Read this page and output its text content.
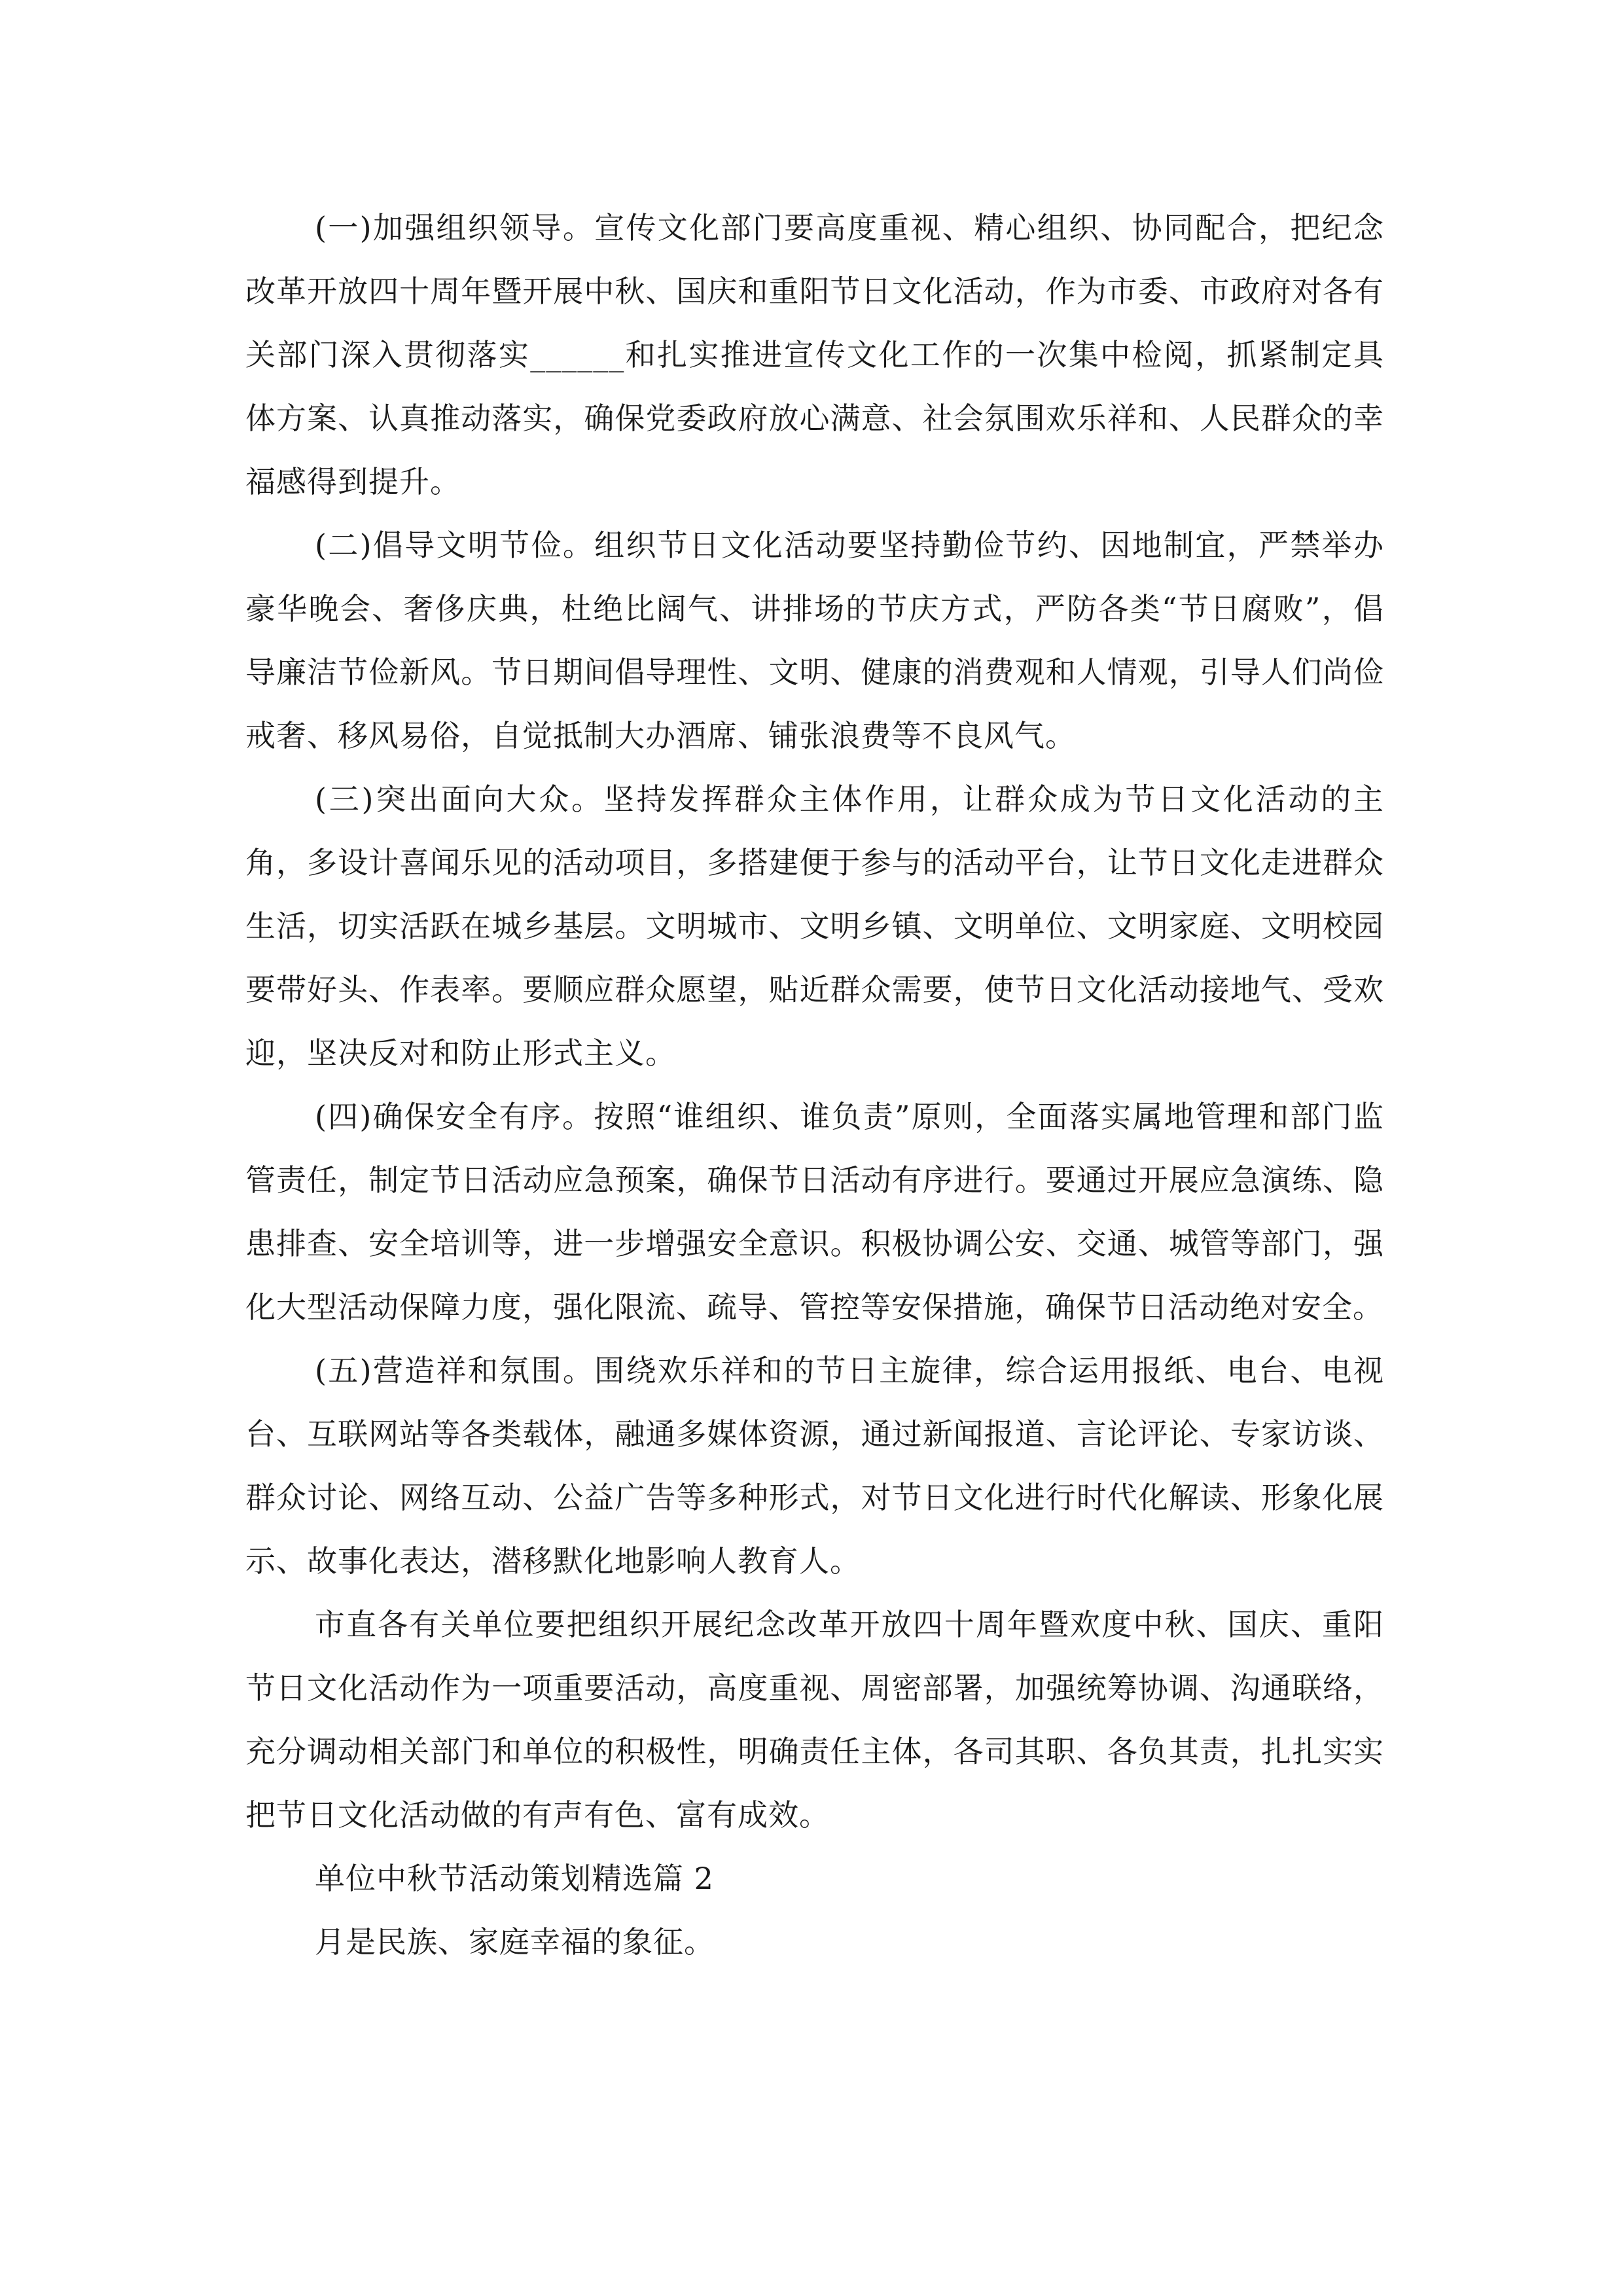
(一)加强组织领导。宣传文化部门要高度重视、精心组织、协同配合，把纪念改革开放四十周年暨开展中秋、国庆和重阳节日文化活动，作为市委、市政府对各有关部门深入贯彻落实______和扎实推进宣传文化工作的一次集中检阅，抓紧制定具体方案、认真推动落实，确保党委政府放心满意、社会氛围欢乐祥和、人民群众的幸福感得到提升。

(二)倡导文明节俭。组织节日文化活动要坚持勤俭节约、因地制宜，严禁举办豪华晚会、奢侈庆典，杜绝比阔气、讲排场的节庆方式，严防各类“节日腐败”，倡导廉洁节俭新风。节日期间倡导理性、文明、健康的消费观和人情观，引导人们尚俭戒奢、移风易俗，自觉抵制大办酒席、铺张浪费等不良风气。

(三)突出面向大众。坚持发挥群众主体作用，让群众成为节日文化活动的主角，多设计喜闻乐见的活动项目，多搭建便于参与的活动平台，让节日文化走进群众生活，切实活跃在城乡基层。文明城市、文明乡镇、文明单位、文明家庭、文明校园要带好头、作表率。要顺应群众愿望，贴近群众需要，使节日文化活动接地气、受欢迎，坚决反对和防止形式主义。

(四)确保安全有序。按照“谁组织、谁负责”原则，全面落实属地管理和部门监管责任，制定节日活动应急预案，确保节日活动有序进行。要通过开展应急演练、隐患排查、安全培训等，进一步增强安全意识。积极协调公安、交通、城管等部门，强化大型活动保障力度，强化限流、疏导、管控等安保措施，确保节日活动绝对安全。

(五)营造祥和氛围。围绕欢乐祥和的节日主旋律，综合运用报纸、电台、电视台、互联网站等各类载体，融通多媒体资源，通过新闻报道、言论评论、专家访谈、群众讨论、网络互动、公益广告等多种形式，对节日文化进行时代化解读、形象化展示、故事化表达，潜移默化地影响人教育人。

市直各有关单位要把组织开展纪念改革开放四十周年暨欢度中秋、国庆、重阳节日文化活动作为一项重要活动，高度重视、周密部署，加强统筹协调、沟通联络，充分调动相关部门和单位的积极性，明确责任主体，各司其职、各负其责，扎扎实实把节日文化活动做的有声有色、富有成效。

单位中秋节活动策划精选篇 2

月是民族、家庭幸福的象征。
